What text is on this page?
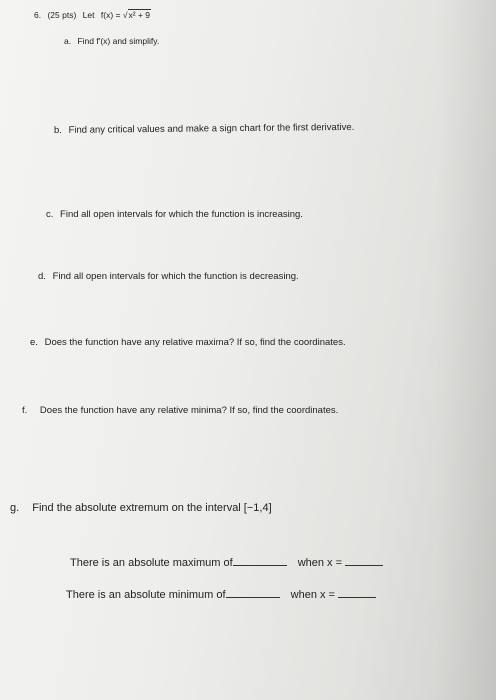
6. (25 pts) Let f(x) = √x² + 9
a. Find f′(x) and simplify.
b. Find any critical values and make a sign chart for the first derivative.
c. Find all open intervals for which the function is increasing.
d. Find all open intervals for which the function is decreasing.
e. Does the function have any relative maxima? If so, find the coordinates.
f. Does the function have any relative minima? If so, find the coordinates.
g. Find the absolute extremum on the interval [−1,4]
There is an absolute maximum of	when x =
There is an absolute minimum of	when x =
